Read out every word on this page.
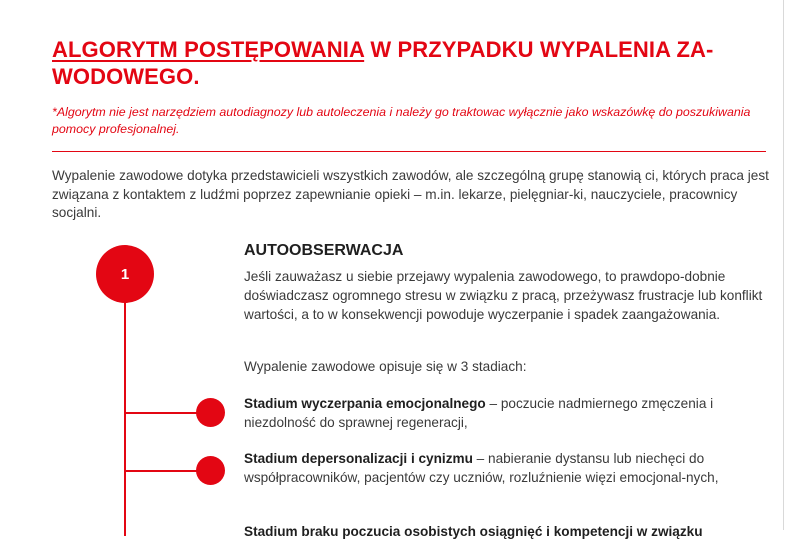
ALGORYTM POSTĘPOWANIA W PRZYPADKU WYPALENIA ZA-WODOWEGO.
*Algorytm nie jest narzędziem autodiagnozy lub autoleczenia i należy go traktowac wyłącznie jako wskazówkę do poszukiwania pomocy profesjonalnej.
Wypalenie zawodowe dotyka przedstawicieli wszystkich zawodów, ale szczególną grupę stanowią ci, których praca jest związana z kontaktem z ludźmi poprzez zapewnianie opieki – m.in. lekarze, pielęgniar-ki, nauczyciele, pracownicy socjalni.
1
AUTOOBSERWACJA
Jeśli zauważasz u siebie przejawy wypalenia zawodowego, to prawdopo-dobnie doświadczasz ogromnego stresu w związku z pracą, przeżywasz frustracje lub konflikt wartości, a to w konsekwencji powoduje wyczerpanie i spadek zaangażowania.
Wypalenie zawodowe opisuje się w 3 stadiach:
Stadium wyczerpania emocjonalnego – poczucie nadmiernego zmęczenia i niezdolność do sprawnej regeneracji,
Stadium depersonalizacji i cynizmu – nabieranie dystansu lub niechęci do współpracowników, pacjentów czy uczniów, rozluźnienie więzi emocjonal-nych,
Stadium braku poczucia osobistych osiągnięć i kompetencji w związku
